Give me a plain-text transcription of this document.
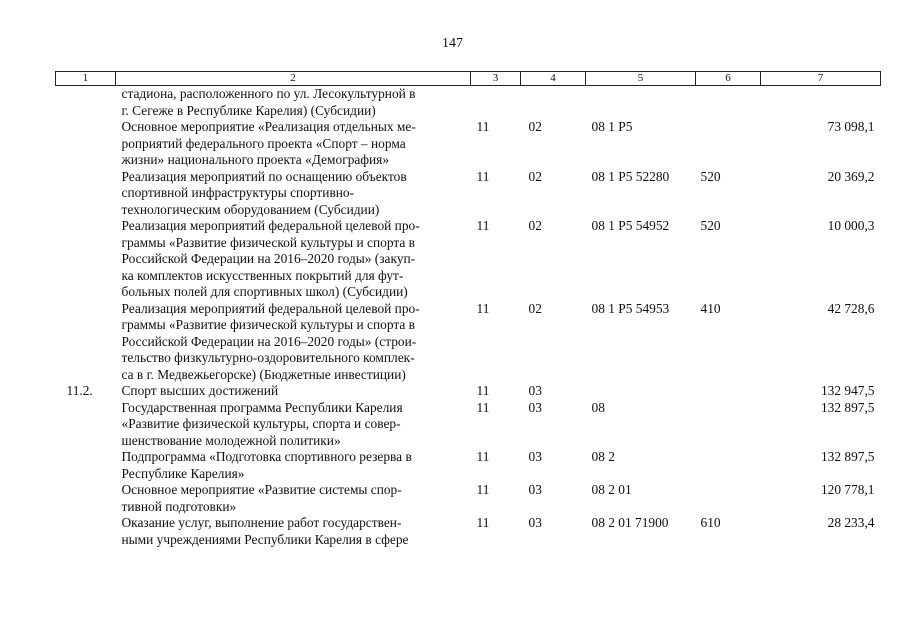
147
1	2	3	4	5	6	7

	стадиона, расположенного по ул. Лесокультурной в
г. Сегеже в Республике Карелия) (Субсидии)					

	Основное мероприятие «Реализация отдельных ме-
роприятий федерального проекта «Спорт – норма
жизни» национального проекта «Демография»	11	02	08 1 P5		73 098,1

	Реализация мероприятий по оснащению объектов
спортивной инфраструктуры спортивно-
технологическим оборудованием (Субсидии)	11	02	08 1 P5 52280	520	20 369,2

	Реализация мероприятий федеральной целевой про-
граммы «Развитие физической культуры и спорта в
Российской Федерации на 2016–2020 годы» (закуп-
ка комплектов искусственных покрытий для фут-
больных полей для спортивных школ) (Субсидии)	11	02	08 1 P5 54952	520	10 000,3

	Реализация мероприятий федеральной целевой про-
граммы «Развитие физической культуры и спорта в
Российской Федерации на 2016–2020 годы» (строи-
тельство физкультурно-оздоровительного комплек-
са в г. Медвежьегорске) (Бюджетные инвестиции)	11	02	08 1 P5 54953	410	42 728,6
11.2.	Спорт высших достижений	11	03			132 947,5

	Государственная программа Республики Карелия
«Развитие физической культуры, спорта и совер-
шенствование молодежной политики»	11	03	08		132 897,5

	Подпрограмма «Подготовка спортивного резерва в
Республике Карелия»	11	03	08 2		132 897,5

	Основное мероприятие «Развитие системы спор-
тивной подготовки»	11	03	08 2 01		120 778,1

	Оказание услуг, выполнение работ государствен-
ными учреждениями Республики Карелия в сфере	11	03	08 2 01 71900	610	28 233,4
